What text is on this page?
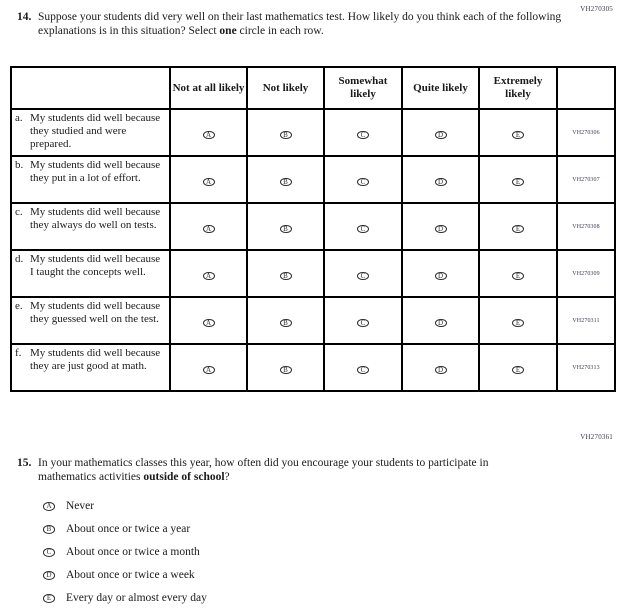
VH270305
14. Suppose your students did very well on their last mathematics test. How likely do you think each of the following explanations is in this situation? Select one circle in each row.
	Not at all likely	Not likely	Somewhat likely	Quite likely	Extremely likely	
a. My students did well because they studied and were prepared.	A	B	C	D	E	VH270306
b. My students did well because they put in a lot of effort.	A	B	C	D	E	VH270307
c. My students did well because they always do well on tests.	A	B	C	D	E	VH270308
d. My students did well because I taught the concepts well.	A	B	C	D	E	VH270309
e. My students did well because they guessed well on the test.	A	B	C	D	E	VH270311
f. My students did well because they are just good at math.	A	B	C	D	E	VH270313
VH270361
15. In your mathematics classes this year, how often did you encourage your students to participate in mathematics activities outside of school?
A Never
B About once or twice a year
C About once or twice a month
D About once or twice a week
E Every day or almost every day
